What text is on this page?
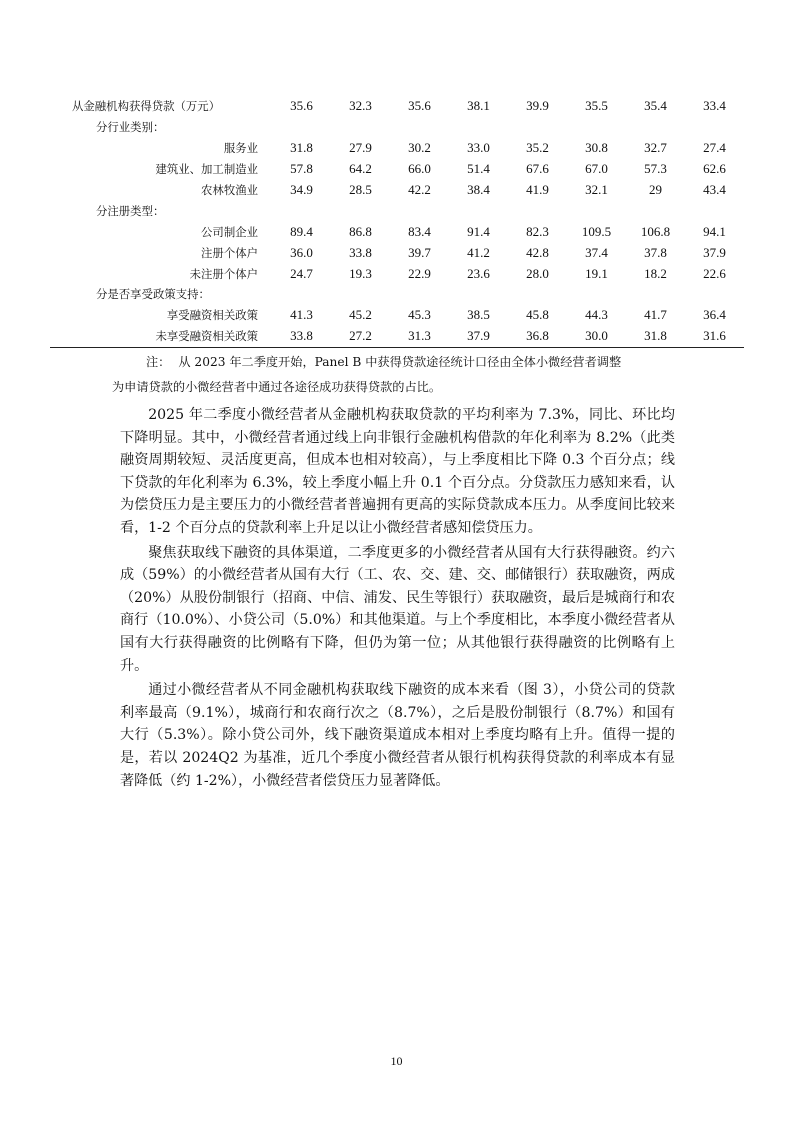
从金融机构获得贷款（万元）	35.6	32.3	35.6	38.1	39.9	35.5	35.4	33.4
分行业类别：								
服务业	31.8	27.9	30.2	33.0	35.2	30.8	32.7	27.4
建筑业、加工制造业	57.8	64.2	66.0	51.4	67.6	67.0	57.3	62.6
农林牧渔业	34.9	28.5	42.2	38.4	41.9	32.1	29	43.4
分注册类型：								
公司制企业	89.4	86.8	83.4	91.4	82.3	109.5	106.8	94.1
注册个体户	36.0	33.8	39.7	41.2	42.8	37.4	37.8	37.9
未注册个体户	24.7	19.3	22.9	23.6	28.0	19.1	18.2	22.6
分是否享受政策支持：								
享受融资相关政策	41.3	45.2	45.3	38.5	45.8	44.3	41.7	36.4
未享受融资相关政策	33.8	27.2	31.3	37.9	36.8	30.0	31.8	31.6
注： 从 2023 年二季度开始，Panel B 中获得贷款途径统计口径由全体小微经营者调整
为申请贷款的小微经营者中通过各途径成功获得贷款的占比。

2025 年二季度小微经营者从金融机构获取贷款的平均利率为 7.3%，同比、环比均下降明显。其中，小微经营者通过线上向非银行金融机构借款的年化利率为 8.2%（此类融资周期较短、灵活度更高，但成本也相对较高），与上季度相比下降 0.3 个百分点；线下贷款的年化利率为 6.3%，较上季度小幅上升 0.1 个百分点。分贷款压力感知来看，认为偿贷压力是主要压力的小微经营者普遍拥有更高的实际贷款成本压力。从季度间比较来看，1-2 个百分点的贷款利率上升足以让小微经营者感知偿贷压力。

聚焦获取线下融资的具体渠道，二季度更多的小微经营者从国有大行获得融资。约六成（59%）的小微经营者从国有大行（工、农、交、建、交、邮储银行）获取融资，两成（20%）从股份制银行（招商、中信、浦发、民生等银行）获取融资，最后是城商行和农商行（10.0%）、小贷公司（5.0%）和其他渠道。与上个季度相比，本季度小微经营者从国有大行获得融资的比例略有下降，但仍为第一位；从其他银行获得融资的比例略有上升。

通过小微经营者从不同金融机构获取线下融资的成本来看（图 3），小贷公司的贷款利率最高（9.1%），城商行和农商行次之（8.7%），之后是股份制银行（8.7%）和国有大行（5.3%）。除小贷公司外，线下融资渠道成本相对上季度均略有上升。值得一提的是，若以 2024Q2 为基准，近几个季度小微经营者从银行机构获得贷款的利率成本有显著降低（约 1-2%），小微经营者偿贷压力显著降低。

10
